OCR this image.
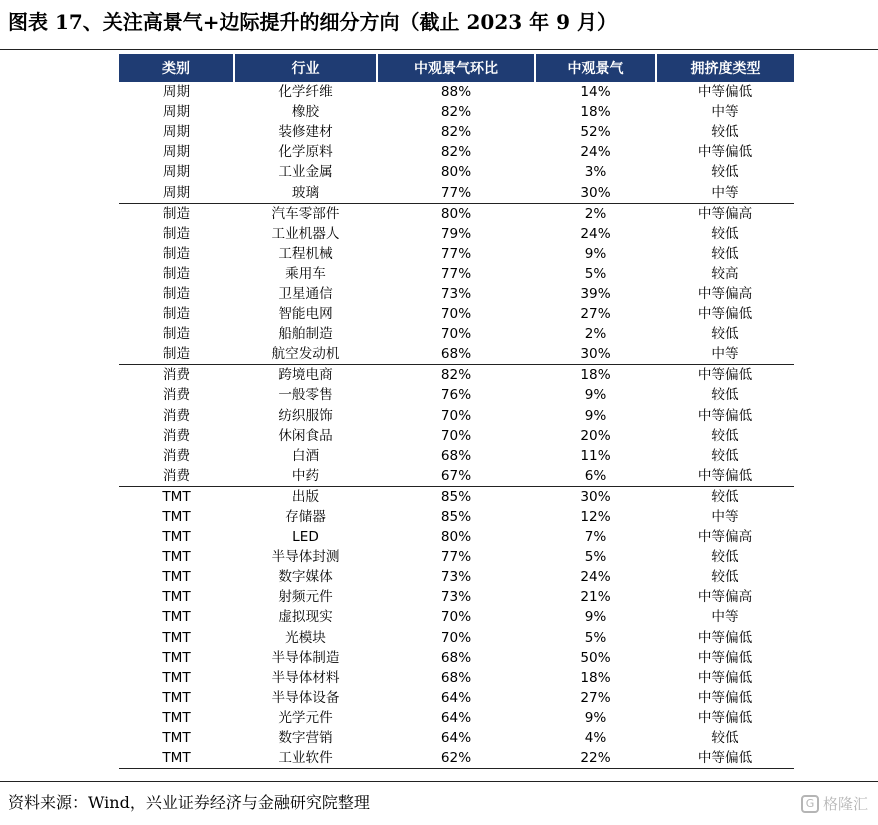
图表 17、关注高景气+边际提升的细分方向（截止 2023 年 9 月）
类别	行业	中观景气环比	中观景气	拥挤度类型
周期	化学纤维	88%	14%	中等偏低
周期	橡胶	82%	18%	中等
周期	装修建材	82%	52%	较低
周期	化学原料	82%	24%	中等偏低
周期	工业金属	80%	3%	较低
周期	玻璃	77%	30%	中等
制造	汽车零部件	80%	2%	中等偏高
制造	工业机器人	79%	24%	较低
制造	工程机械	77%	9%	较低
制造	乘用车	77%	5%	较高
制造	卫星通信	73%	39%	中等偏高
制造	智能电网	70%	27%	中等偏低
制造	船舶制造	70%	2%	较低
制造	航空发动机	68%	30%	中等
消费	跨境电商	82%	18%	中等偏低
消费	一般零售	76%	9%	较低
消费	纺织服饰	70%	9%	中等偏低
消费	休闲食品	70%	20%	较低
消费	白酒	68%	11%	较低
消费	中药	67%	6%	中等偏低
TMT	出版	85%	30%	较低
TMT	存储器	85%	12%	中等
TMT	LED	80%	7%	中等偏高
TMT	半导体封测	77%	5%	较低
TMT	数字媒体	73%	24%	较低
TMT	射频元件	73%	21%	中等偏高
TMT	虚拟现实	70%	9%	中等
TMT	光模块	70%	5%	中等偏低
TMT	半导体制造	68%	50%	中等偏低
TMT	半导体材料	68%	18%	中等偏低
TMT	半导体设备	64%	27%	中等偏低
TMT	光学元件	64%	9%	中等偏低
TMT	数字营销	64%	4%	较低
TMT	工业软件	62%	22%	中等偏低
资料来源：Wind，兴业证券经济与金融研究院整理	G 格隆汇
